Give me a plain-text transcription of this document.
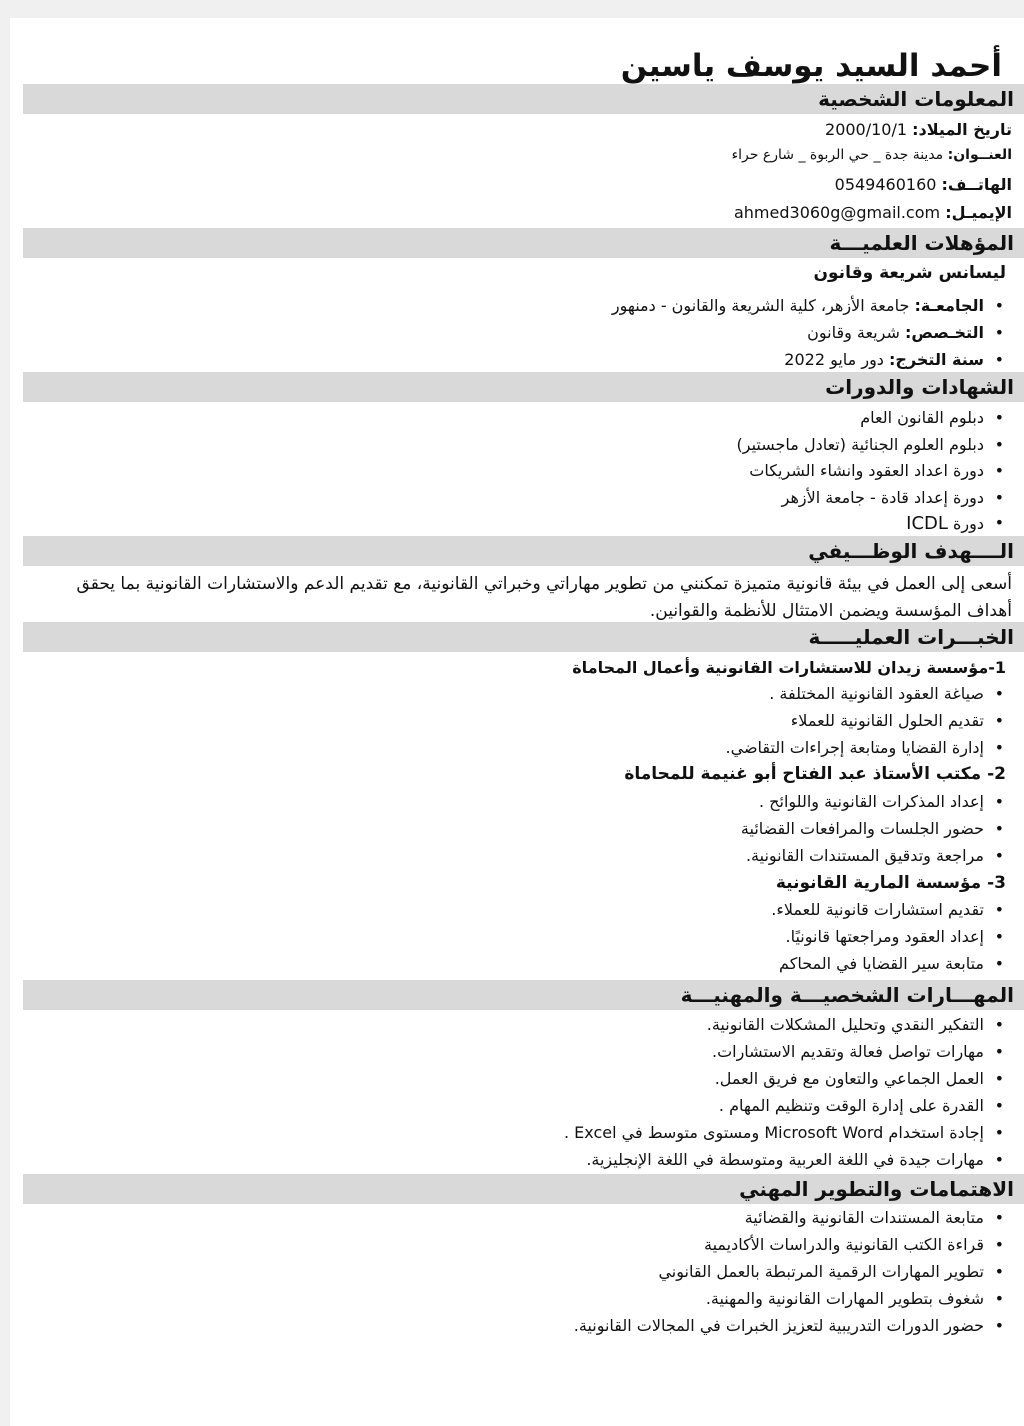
أحمد السيد يوسف ياسين
المعلومات الشخصية
تاريخ الميلاد: 2000/10/1
العنــوان: مدينة جدة _ حي الربوة _ شارع حراء
الهاتــف: 0549460160
الإيميـل: ahmed3060g@gmail.com
المؤهلات العلميـــة
ليسانس شريعة وقانون
• الجامعـة: جامعة الأزهر، كلية الشريعة والقانون - دمنهور
• التخـصص: شريعة وقانون
• سنة التخرج: دور مايو 2022
الشهادات والدورات
• دبلوم القانون العام
• دبلوم العلوم الجنائية (تعادل ماجستير)
• دورة اعداد العقود وانشاء الشريكات
• دورة إعداد قادة - جامعة الأزهر
• دورة ICDL
الــــهدف الوظـــيفي

أسعى إلى العمل في بيئة قانونية متميزة تمكنني من تطوير مهاراتي وخبراتي القانونية، مع تقديم الدعم والاستشارات القانونية بما يحقق أهداف المؤسسة ويضمن الامتثال للأنظمة والقوانين.

الخبـــرات العمليـــــة
1-مؤسسة زيدان للاستشارات القانونية وأعمال المحاماة
• صياغة العقود القانونية المختلفة .
• تقديم الحلول القانونية للعملاء
• إدارة القضايا ومتابعة إجراءات التقاضي.
2- مكتب الأستاذ عبد الفتاح أبو غنيمة للمحاماة
• إعداد المذكرات القانونية واللوائح .
• حضور الجلسات والمرافعات القضائية
• مراجعة وتدقيق المستندات القانونية.
3- مؤسسة المارية القانونية
• تقديم استشارات قانونية للعملاء.
• إعداد العقود ومراجعتها قانونيًا.
• متابعة سير القضايا في المحاكم
المهـــارات الشخصيـــة والمهنيـــة
• التفكير النقدي وتحليل المشكلات القانونية.
• مهارات تواصل فعالة وتقديم الاستشارات.
• العمل الجماعي والتعاون مع فريق العمل.
• القدرة على إدارة الوقت وتنظيم المهام .
• إجادة استخدام Microsoft Word ومستوى متوسط في Excel .
• مهارات جيدة في اللغة العربية ومتوسطة في اللغة الإنجليزية.
الاهتمامات والتطوير المهني
• متابعة المستندات القانونية والقضائية
• قراءة الكتب القانونية والدراسات الأكاديمية
• تطوير المهارات الرقمية المرتبطة بالعمل القانوني
• شغوف بتطوير المهارات القانونية والمهنية.
• حضور الدورات التدريبية لتعزيز الخبرات في المجالات القانونية.
